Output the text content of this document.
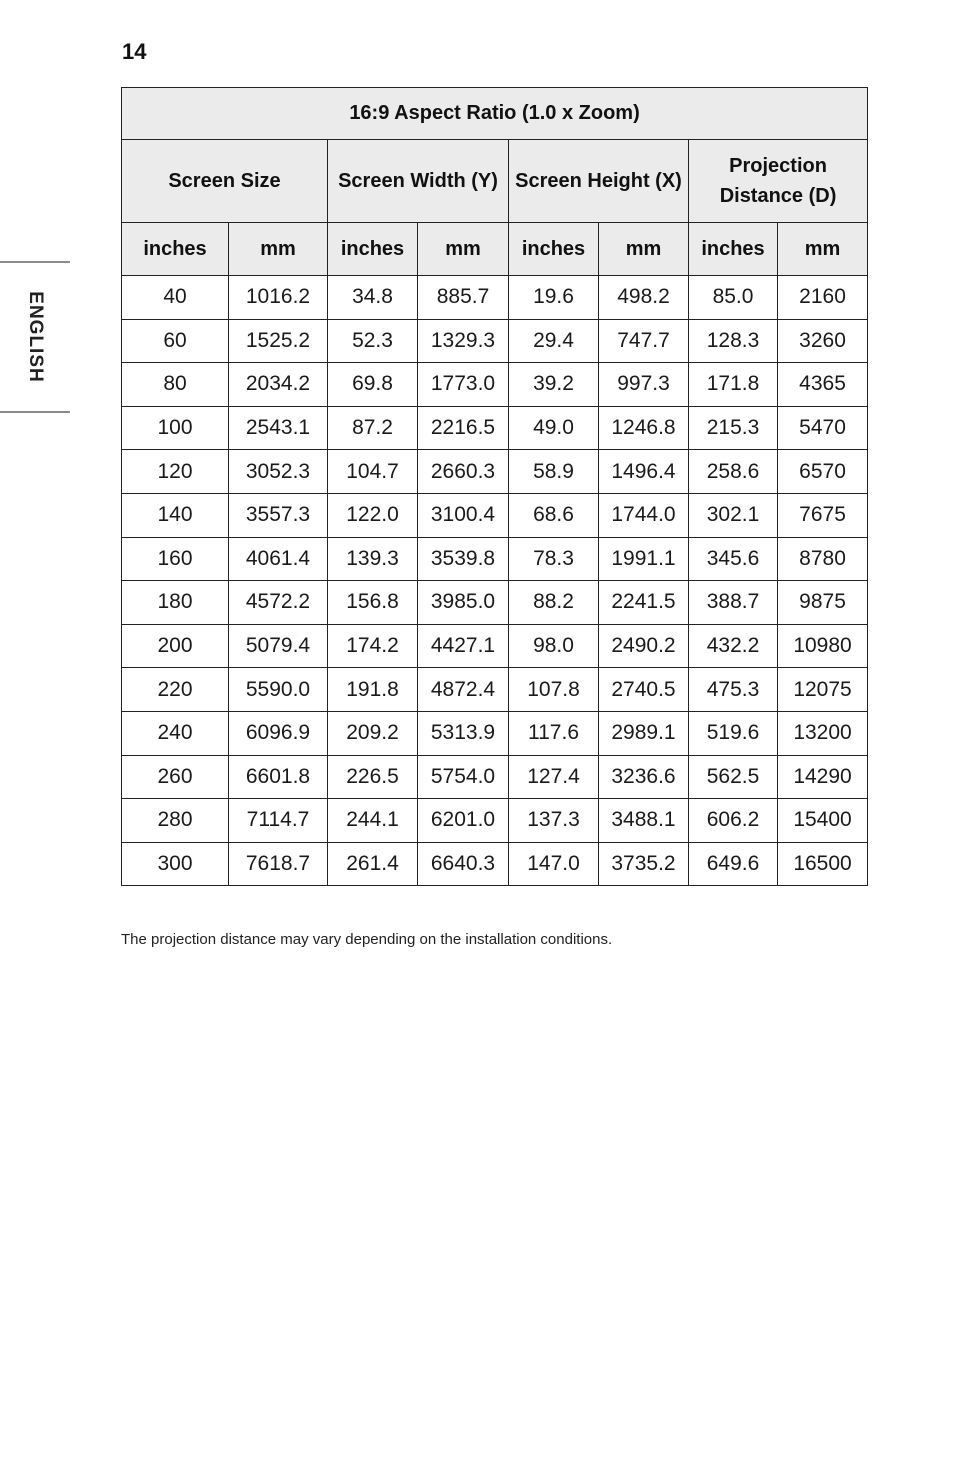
14
ENGLISH
16:9 Aspect Ratio (1.0 x Zoom)							
Screen Size		Screen Width (Y)		Screen Height (X)		Projection Distance (D)	
inches	mm	inches	mm	inches	mm	inches	mm
40	1016.2	34.8	885.7	19.6	498.2	85.0	2160
60	1525.2	52.3	1329.3	29.4	747.7	128.3	3260
80	2034.2	69.8	1773.0	39.2	997.3	171.8	4365
100	2543.1	87.2	2216.5	49.0	1246.8	215.3	5470
120	3052.3	104.7	2660.3	58.9	1496.4	258.6	6570
140	3557.3	122.0	3100.4	68.6	1744.0	302.1	7675
160	4061.4	139.3	3539.8	78.3	1991.1	345.6	8780
180	4572.2	156.8	3985.0	88.2	2241.5	388.7	9875
200	5079.4	174.2	4427.1	98.0	2490.2	432.2	10980
220	5590.0	191.8	4872.4	107.8	2740.5	475.3	12075
240	6096.9	209.2	5313.9	117.6	2989.1	519.6	13200
260	6601.8	226.5	5754.0	127.4	3236.6	562.5	14290
280	7114.7	244.1	6201.0	137.3	3488.1	606.2	15400
300	7618.7	261.4	6640.3	147.0	3735.2	649.6	16500
The projection distance may vary depending on the installation conditions.
